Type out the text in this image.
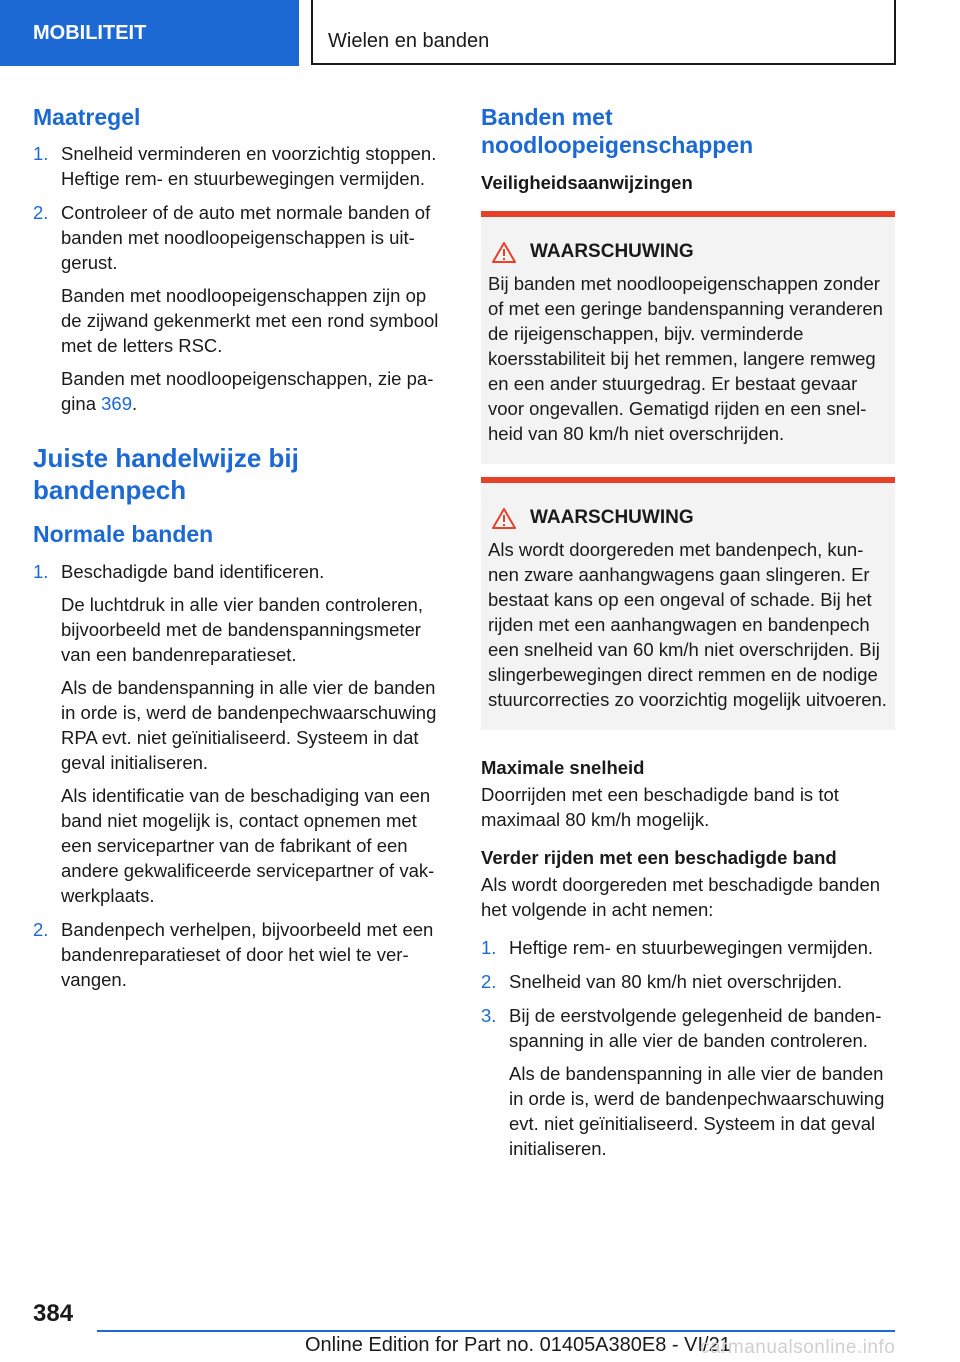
MOBILITEIT	Wielen en banden
Maatregel
1. Snelheid verminderen en voorzichtig stoppen. Heftige rem- en stuurbewegingen vermijden.

2. Controleer of de auto met normale banden of banden met noodloopeigenschappen is uitgerust.

Banden met noodloopeigenschappen zijn op de zijwand gekenmerkt met een rond symbool met de letters RSC.

Banden met noodloopeigenschappen, zie pagina 369.

Juiste handelwijze bij bandenpech
Normale banden
1. Beschadigde band identificeren.

De luchtdruk in alle vier banden controleren, bijvoorbeeld met de bandenspanningsmeter van een bandenreparatieset.

Als de bandenspanning in alle vier de banden in orde is, werd de bandenpechwaarschuwing RPA evt. niet geïnitialiseerd. Systeem in dat geval initialiseren.

Als identificatie van de beschadiging van een band niet mogelijk is, contact opnemen met een servicepartner van de fabrikant of een andere gekwalificeerde servicepartner of vakwerkplaats.

2. Bandenpech verhelpen, bijvoorbeeld met een bandenreparatieset of door het wiel te vervangen.

Banden met noodloopeigenschappen
Veiligheidsaanwijzingen
WAARSCHUWING

Bij banden met noodloopeigenschappen zonder of met een geringe bandenspanning veranderen de rijeigenschappen, bijv. verminderde koersstabiliteit bij het remmen, langere remweg en een ander stuurgedrag. Er bestaat gevaar voor ongevallen. Gematigd rijden en een snelheid van 80 km/h niet overschrijden.

WAARSCHUWING

Als wordt doorgereden met bandenpech, kunnen zware aanhangwagens gaan slingeren. Er bestaat kans op een ongeval of schade. Bij het rijden met een aanhangwagen en bandenpech een snelheid van 60 km/h niet overschrijden. Bij slingerbewegingen direct remmen en de nodige stuurcorrecties zo voorzichtig mogelijk uitvoeren.

Maximale snelheid

Doorrijden met een beschadigde band is tot maximaal 80 km/h mogelijk.

Verder rijden met een beschadigde band

Als wordt doorgereden met beschadigde banden het volgende in acht nemen:

1. Heftige rem- en stuurbewegingen vermijden.

2. Snelheid van 80 km/h niet overschrijden.

3. Bij de eerstvolgende gelegenheid de bandenspanning in alle vier de banden controleren.

Als de bandenspanning in alle vier de banden in orde is, werd de bandenpechwaarschuwing evt. niet geïnitialiseerd. Systeem in dat geval initialiseren.

384
Online Edition for Part no. 01405A380E8 - VI/21
carmanualsonline.info
